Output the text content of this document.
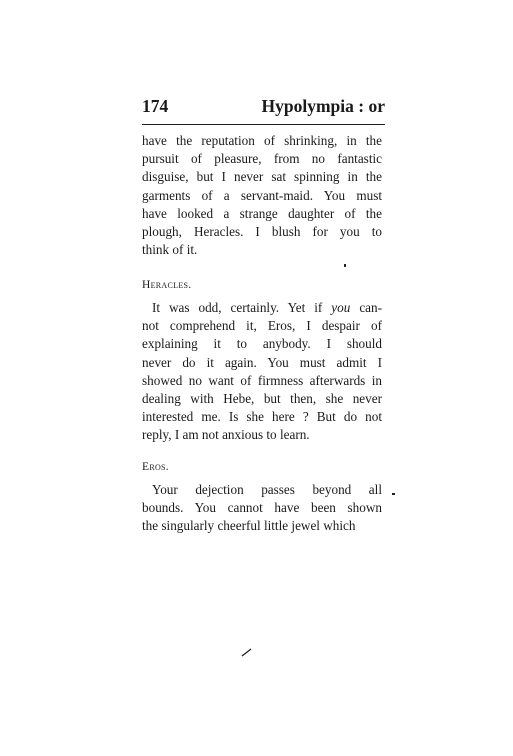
174	Hypolympia : or
have the reputation of shrinking, in the
pursuit of pleasure, from no fantastic
disguise, but I never sat spinning in the
garments of a servant-maid. You must
have looked a strange daughter of the
plough, Heracles. I blush for you to
think of it.
Heracles.
It was odd, certainly. Yet if you can-
not comprehend it, Eros, I despair of
explaining it to anybody. I should
never do it again. You must admit I
showed no want of firmness afterwards in
dealing with Hebe, but then, she never
interested me. Is she here ? But do not
reply, I am not anxious to learn.
Eros.
Your dejection passes beyond all
bounds. You cannot have been shown
the singularly cheerful little jewel which
